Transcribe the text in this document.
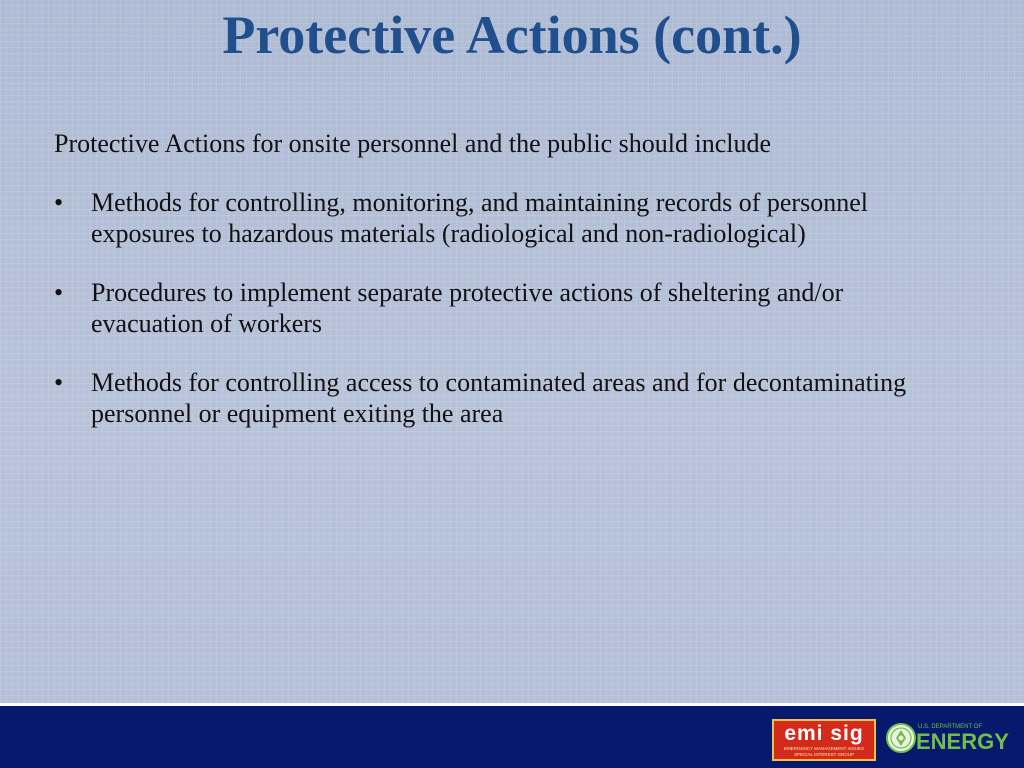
Protective Actions (cont.)

Protective Actions for onsite personnel and the public should include

• Methods for controlling, monitoring, and maintaining records of personnel exposures to hazardous materials (radiological and non-radiological)
• Procedures to implement separate protective actions of sheltering and/or evacuation of workers
• Methods for controlling access to contaminated areas and for decontaminating personnel or equipment exiting the area
emi sig
EMERGENCY MANAGEMENT ISSUES
SPECIAL INTEREST GROUP
U.S. DEPARTMENT OF
ENERGY
